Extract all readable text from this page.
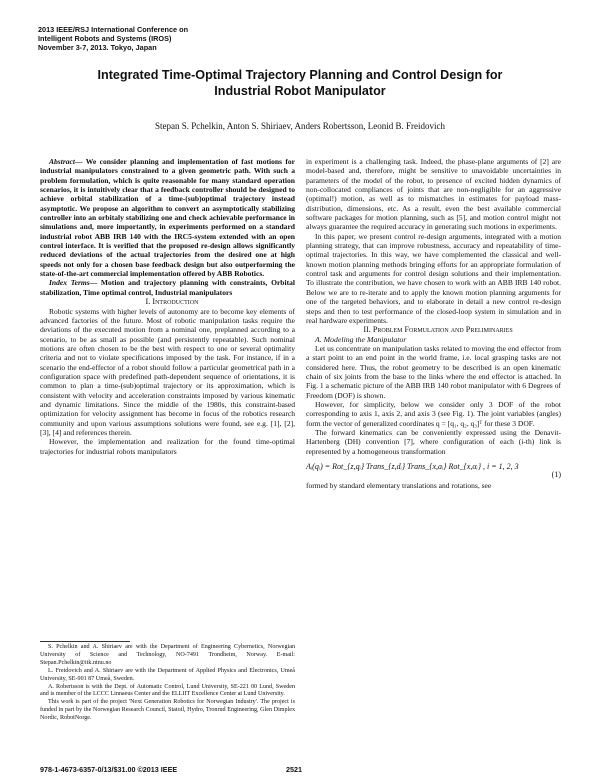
2013 IEEE/RSJ International Conference on
Intelligent Robots and Systems (IROS)
November 3-7, 2013. Tokyo, Japan
Integrated Time-Optimal Trajectory Planning and Control Design for
Industrial Robot Manipulator
Stepan S. Pchelkin, Anton S. Shiriaev, Anders Robertsson, Leonid B. Freidovich

Abstract— We consider planning and implementation of fast motions for industrial manipulators constrained to a given geometric path. With such a problem formulation, which is quite reasonable for many standard operation scenarios, it is intuitively clear that a feedback controller should be designed to achieve orbital stabilization of a time-(sub)optimal trajectory instead asymptotic. We propose an algorithm to convert an asymptotically stabilizing controller into an orbitaly stabilizing one and check achievable performance in simulations and, more importantly, in experiments performed on a standard industrial robot ABB IRB 140 with the IRC5-system extended with an open control interface. It is verified that the proposed re-design allows significantly reduced deviations of the actual trajectories from the desired one at high speeds not only for a chosen base feedback design but also outperforming the state-of-the-art commercial implementation offered by ABB Robotics.

Index Terms— Motion and trajectory planning with constraints, Orbital stabilization, Time optimal control, Industrial manipulators

I. Introduction

Robotic systems with higher levels of autonomy are to become key elements of advanced factories of the future. Most of robotic manipulation tasks require the deviations of the executed motion from a nominal one, preplanned according to a scenario, to be as small as possible (and persistently repeatable). Such nominal motions are often chosen to be the best with respect to one or several optimality criteria and not to violate specifications imposed by the task. For instance, if in a scenario the end-effector of a robot should follow a particular geometrical path in a configuration space with predefined path-dependent sequence of orientations, it is common to plan a time-(sub)optimal trajectory or its approximation, which is consistent with velocity and acceleration constraints imposed by various kinematic and dynamic limitations. Since the middle of the 1980s, this constraint-based optimization for velocity assignment has become in focus of the robotics research community and upon various assumptions solutions were found, see e.g. [1], [2], [3], [4] and references therein.

However, the implementation and realization for the found time-optimal trajectories for industrial robots manipulators

S. Pchelkin and A. Shiriaev are with the Department of Engineering Cybernetics, Norwegian University of Science and Technology, NO-7491 Trondheim, Norway. E-mail: Stepan.Pchelkin@itk.ntnu.no

L. Freidovich and A. Shiriaev are with the Department of Applied Physics and Electronics, Umeå University, SE-901 87 Umeå, Sweden.

A. Robertsson is with the Dept. of Automatic Control, Lund University, SE-221 00 Lund, Sweden and is member of the LCCC Linnaeus Center and the ELLIIT Excellence Center at Lund University.

This work is part of the project 'Next Generation Robotics for Norwegian Industry'. The project is funded in part by the Norwegian Research Council, Statoil, Hydro, Tronrud Engineering, Glen Dimplex Nordic, RobotNorge.

in experiment is a challenging task. Indeed, the phase-plane arguments of [2] are model-based and, therefore, might be sensitive to unavoidable uncertainties in parameters of the model of the robot, to presence of excited hidden dynamics of non-collocated compliances of joints that are non-negligible for an aggressive (optimal!) motion, as well as to mismatches in estimates for payload mass-distribution, dimensions, etc. As a result, even the best available commercial software packages for motion planning, such as [5], and motion control might not always guarantee the required accuracy in generating such motions in experiments.

In this paper, we present control re-design arguments, integrated with a motion planning strategy, that can improve robustness, accuracy and repeatability of time-optimal trajectories. In this way, we have complemented the classical and well-known motion planning methods bringing efforts for an appropriate formulation of control task and arguments for control design solutions and their implementation. To illustrate the contribution, we have chosen to work with an ABB IRB 140 robot. Below we are to re-iterate and to apply the known motion planning arguments for one of the targeted behaviors, and to elaborate in detail a new control re-design steps and then to test performance of the closed-loop system in simulation and in real hardware experiments.

II. Problem Formulation and Preliminaries

A. Modeling the Manipulator

Let us concentrate on manipulation tasks related to moving the end effector from a start point to an end point in the world frame, i.e. local grasping tasks are not considered here. Thus, the robot geometry to be described is an open kinematic chain of six joints from the base to the links where the end effector is attached. In Fig. 1 a schematic picture of the ABB IRB 140 robot manipulator with 6 Degrees of Freedom (DOF) is shown.

However, for simplicity, below we consider only 3 DOF of the robot corresponding to axis 1, axis 2, and axis 3 (see Fig. 1). The joint variables (angles) form the vector of generalized coordinates q = [q₁, q₂, q₃]ᵀ for these 3 DOF.

The forward kinematics can be conveniently expressed using the Denavit-Hartenberg (DH) convention [7], where configuration of each (i-th) link is represented by a homogeneous transformation

Aᵢ(qᵢ) = Rot_{z,qᵢ} Trans_{z,dᵢ} Trans_{x,aᵢ} Rot_{x,αᵢ} , i = 1, 2, 3
(1)

formed by standard elementary translations and rotations, see

978-1-4673-6357-0/13/$31.00 ©2013 IEEE	2521
